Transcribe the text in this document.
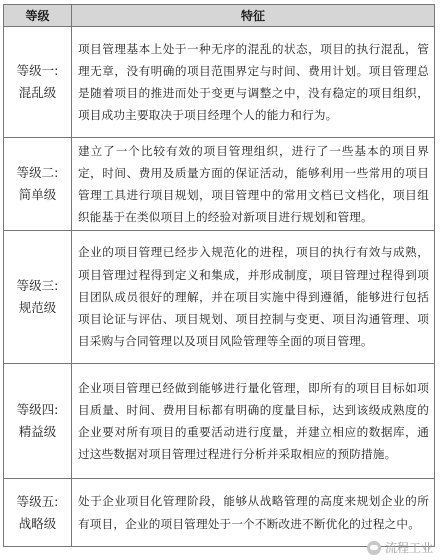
等级	特征

等级一:
混乱级	项目管理基本上处于一种无序的混乱的状态，项目的执行混乱，管理无章，没有明确的项目范围界定与时间、费用计划。项目管理总是随着项目的推进而处于变更与调整之中，没有稳定的项目组织，项目成功主要取决于项目经理个人的能力和行为。

等级二:
简单级	建立了一个比较有效的项目管理组织，进行了一些基本的项目界定，时间、费用及质量方面的保证活动，能够利用一些常用的项目管理工具进行项目规划，项目管理中的常用文档已文档化，项目组织能基于在类似项目上的经验对新项目进行规划和管理。

等级三:
规范级	企业的项目管理已经步入规范化的进程，项目的执行有效与成熟，项目管理过程得到定义和集成，并形成制度，项目管理过程得到项目团队成员很好的理解，并在项目实施中得到遵循，能够进行包括项目论证与评估、项目规划、项目控制与变更、项目沟通管理、项目采购与合同管理以及项目风险管理等全面的项目管理。

等级四:
精益级	企业项目管理已经做到能够进行量化管理，即所有的项目目标如项目质量、时间、费用目标都有明确的度量目标，达到该级成熟度的企业要对所有项目的重要活动进行度量，并建立相应的数据库，通过这些数据对项目管理过程进行分析并采取相应的预防措施。

等级五:
战略级	处于企业项目化管理阶段，能够从战略管理的高度来规划企业的所有项目，企业的项目管理处于一个不断改进不断优化的过程之中。
流程工业
